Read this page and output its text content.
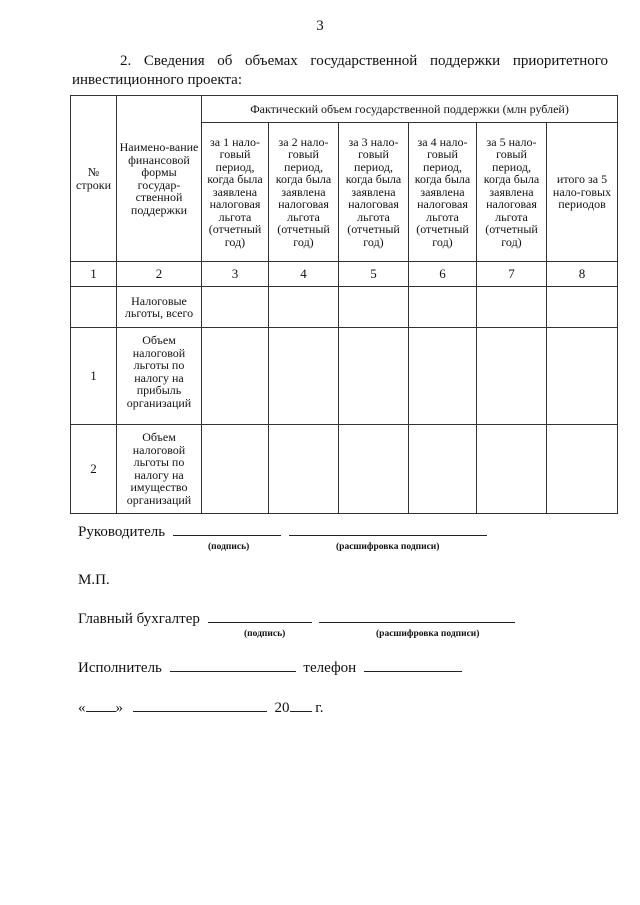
3
2. Сведения об объемах государственной поддержки приоритетного
инвестиционного проекта:
№ строки	Наимено-вание финансовой формы государ-ственной поддержки	Фактический объем государственной поддержки (млн рублей)					
		за 1 нало-говый период, когда была заявлена налоговая льгота (отчетный год)	за 2 нало-говый период, когда была заявлена налоговая льгота (отчетный год)	за 3 нало-говый период, когда была заявлена налоговая льгота (отчетный год)	за 4 нало-говый период, когда была заявлена налоговая льгота (отчетный год)	за 5 нало-говый период, когда была заявлена налоговая льгота (отчетный год)	итого за 5 нало-говых периодов
1	2	3	4	5	6	7	8
	Налоговые льготы, всего						
1	Объем налоговой льготы по налогу на прибыль организаций						
2	Объем налоговой льготы по налогу на имущество организаций						
Руководитель
(подпись)	(расшифровка подписи)
М.П.
Главный бухгалтер
(подпись)	(расшифровка подписи)
Исполнитель	телефон
« »	20 г.
